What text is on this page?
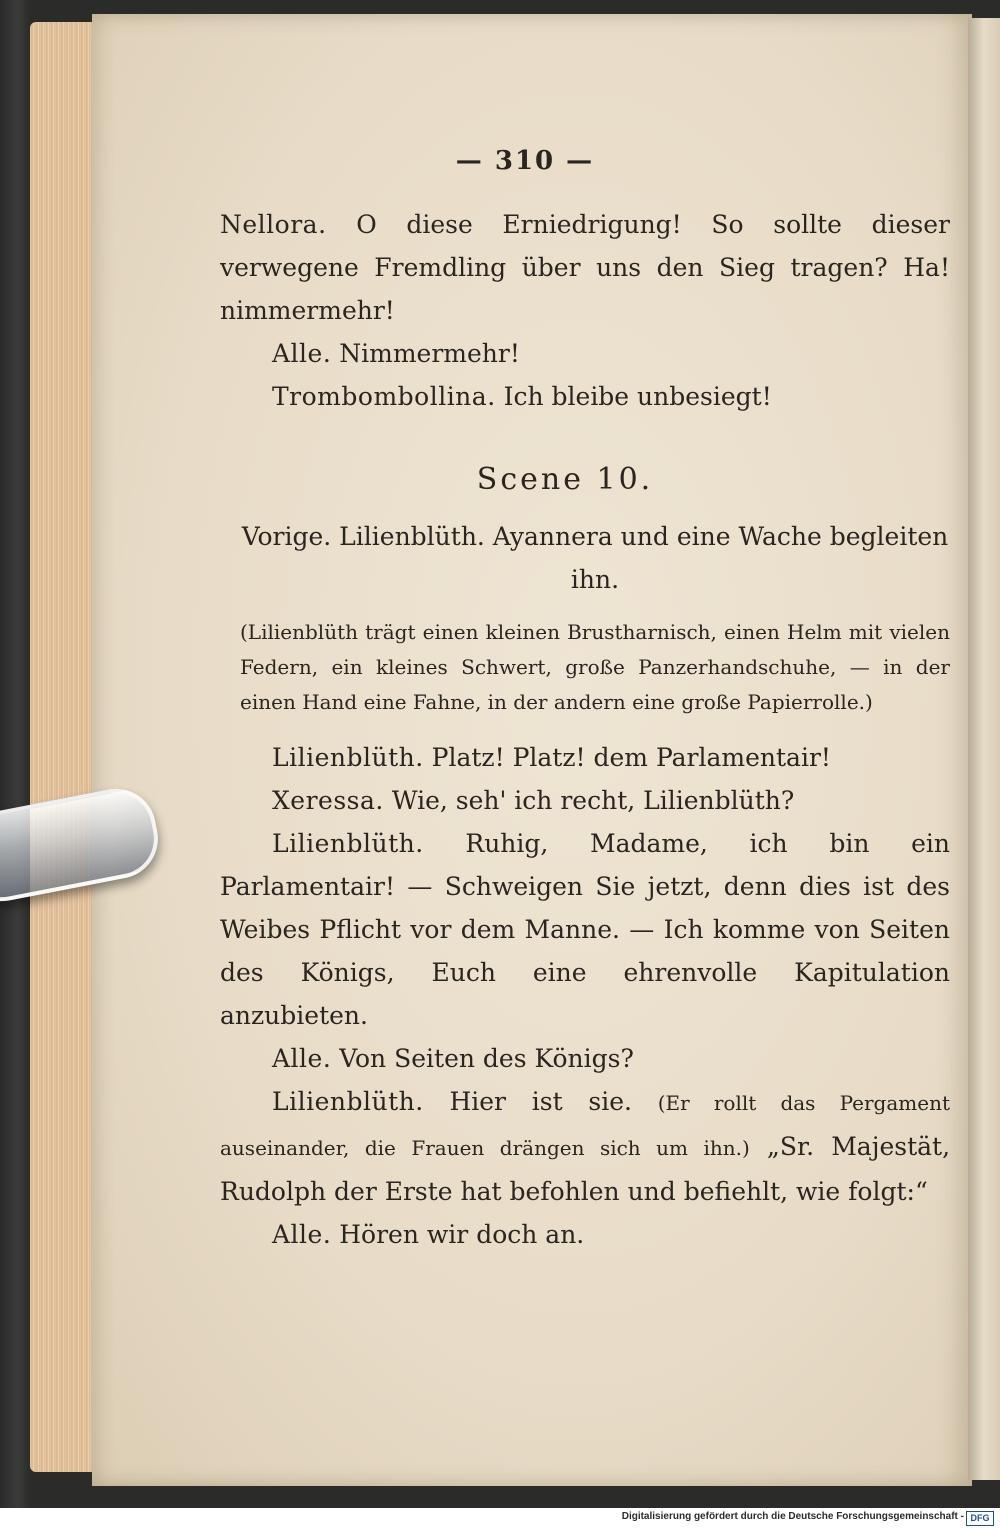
— 310 —

Nellora. O diese Erniedrigung! So sollte dieser verwegene Fremdling über uns den Sieg tragen? Ha! nimmermehr!

Alle. Nimmermehr!

Trombombollina. Ich bleibe unbesiegt!

Scene 10.
Vorige. Lilienblüth. Ayannera und eine Wache begleiten ihn.

(Lilienblüth trägt einen kleinen Brustharnisch, einen Helm mit vielen Federn, ein kleines Schwert, große Panzerhandschuhe, — in der einen Hand eine Fahne, in der andern eine große Papierrolle.)

Lilienblüth. Platz! Platz! dem Parlamentair!

Xeressa. Wie, seh' ich recht, Lilienblüth?

Lilienblüth. Ruhig, Madame, ich bin ein Parlamentair! — Schweigen Sie jetzt, denn dies ist des Weibes Pflicht vor dem Manne. — Ich komme von Seiten des Königs, Euch eine ehrenvolle Kapitulation anzubieten.

Alle. Von Seiten des Königs?

Lilienblüth. Hier ist sie. (Er rollt das Pergament auseinander, die Frauen drängen sich um ihn.) „Sr. Majestät, Rudolph der Erste hat befohlen und befiehlt, wie folgt:“

Alle. Hören wir doch an.

Digitalisierung gefördert durch die Deutsche Forschungsgemeinschaft - DFG
